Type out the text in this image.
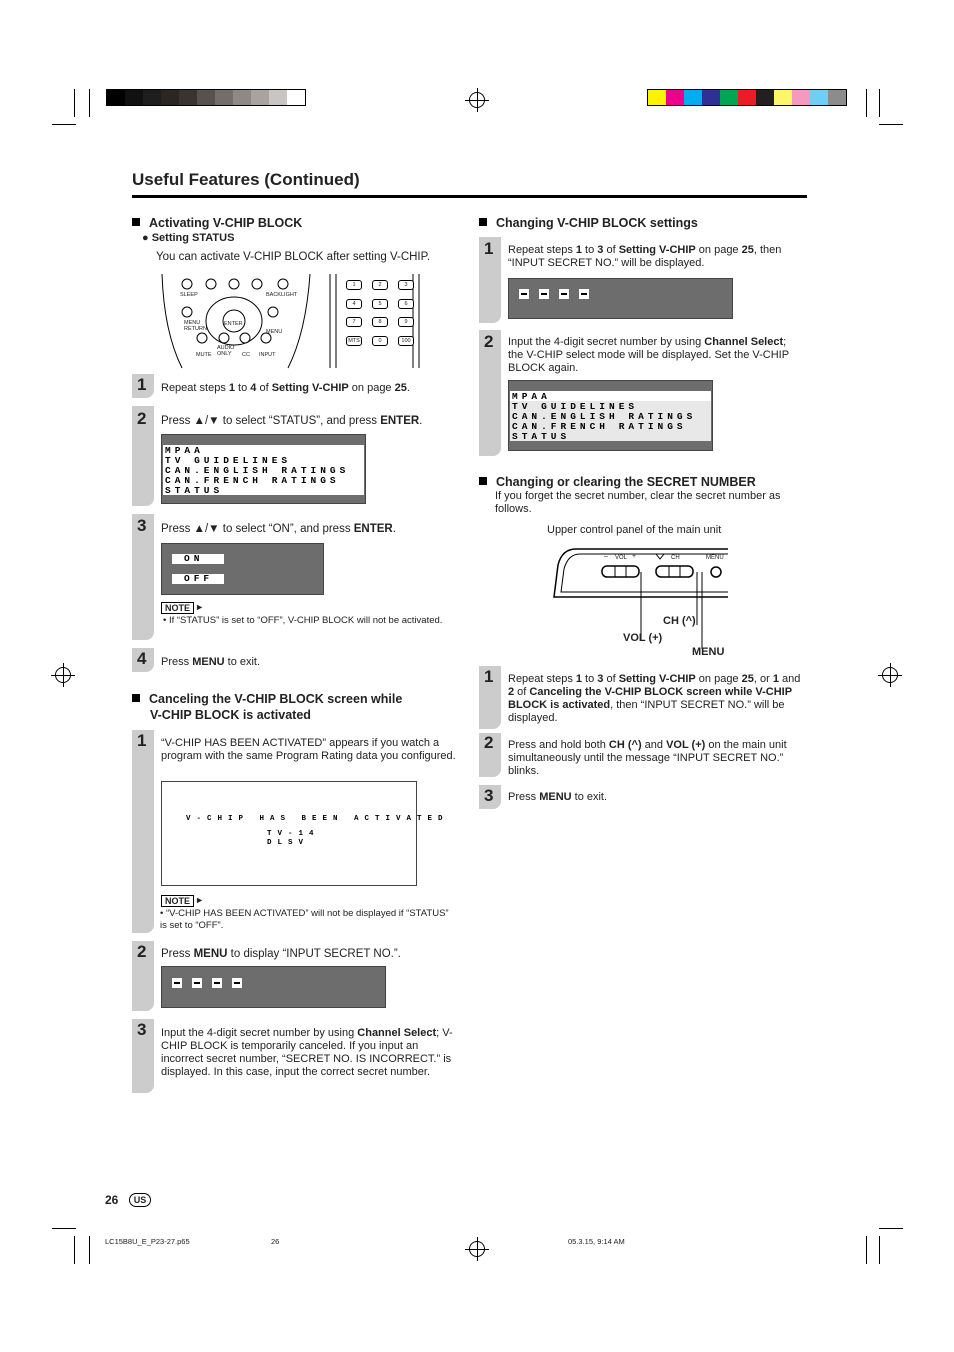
Useful Features (Continued)
Activating V-CHIP BLOCK
● Setting STATUS
You can activate V-CHIP BLOCK after setting V-CHIP.
SLEEP	BACKLIGHT
MENU RETURN
ENTER
MENU
MUTE
AUDIO ONLY	CC INPUT
1	2	3
4	5	6
7	8	9
MTS	0	100
1 Repeat steps 1 to 4 of Setting V-CHIP on page 25.
2 Press ▲/▼ to select “STATUS”, and press ENTER.
MPAA
TV GUIDELINES
CAN.ENGLISH RATINGS
CAN.FRENCH RATINGS
STATUS
3 Press ▲/▼ to select “ON”, and press ENTER.
ON
OFF
NOTE ►
• If “STATUS” is set to “OFF”, V-CHIP BLOCK will not be activated.
4 Press MENU to exit.
Canceling the V-CHIP BLOCK screen while
V-CHIP BLOCK is activated
1 “V-CHIP HAS BEEN ACTIVATED” appears if you watch a program with the same Program Rating data you configured.
V-CHIP HAS BEEN ACTIVATED
TV-14
DLSV
NOTE ►
• “V-CHIP HAS BEEN ACTIVATED” will not be displayed if “STATUS” is set to “OFF”.
2 Press MENU to display “INPUT SECRET NO.”.
3 Input the 4-digit secret number by using Channel Select; V-CHIP BLOCK is temporarily canceled. If you input an incorrect secret number, “SECRET NO. IS INCORRECT.” is displayed. In this case, input the correct secret number.
Changing V-CHIP BLOCK settings
1 Repeat steps 1 to 3 of Setting V-CHIP on page 25, then “INPUT SECRET NO.” will be displayed.
2 Input the 4-digit secret number by using Channel Select; the V-CHIP select mode will be displayed. Set the V-CHIP BLOCK again.
MPAA
TV GUIDELINES
CAN.ENGLISH RATINGS
CAN.FRENCH RATINGS
STATUS
Changing or clearing the SECRET NUMBER
If you forget the secret number, clear the secret number as follows.
Upper control panel of the main unit
– VOL +	CH	MENU
CH (^)
VOL (+)
MENU
1 Repeat steps 1 to 3 of Setting V-CHIP on page 25, or 1 and 2 of Canceling the V-CHIP BLOCK screen while V-CHIP BLOCK is activated, then “INPUT SECRET NO.” will be displayed.
2 Press and hold both CH (^) and VOL (+) on the main unit simultaneously until the message “INPUT SECRET NO.” blinks.
3 Press MENU to exit.
26	US
LC15B8U_E_P23-27.p65	26	05.3.15, 9:14 AM
